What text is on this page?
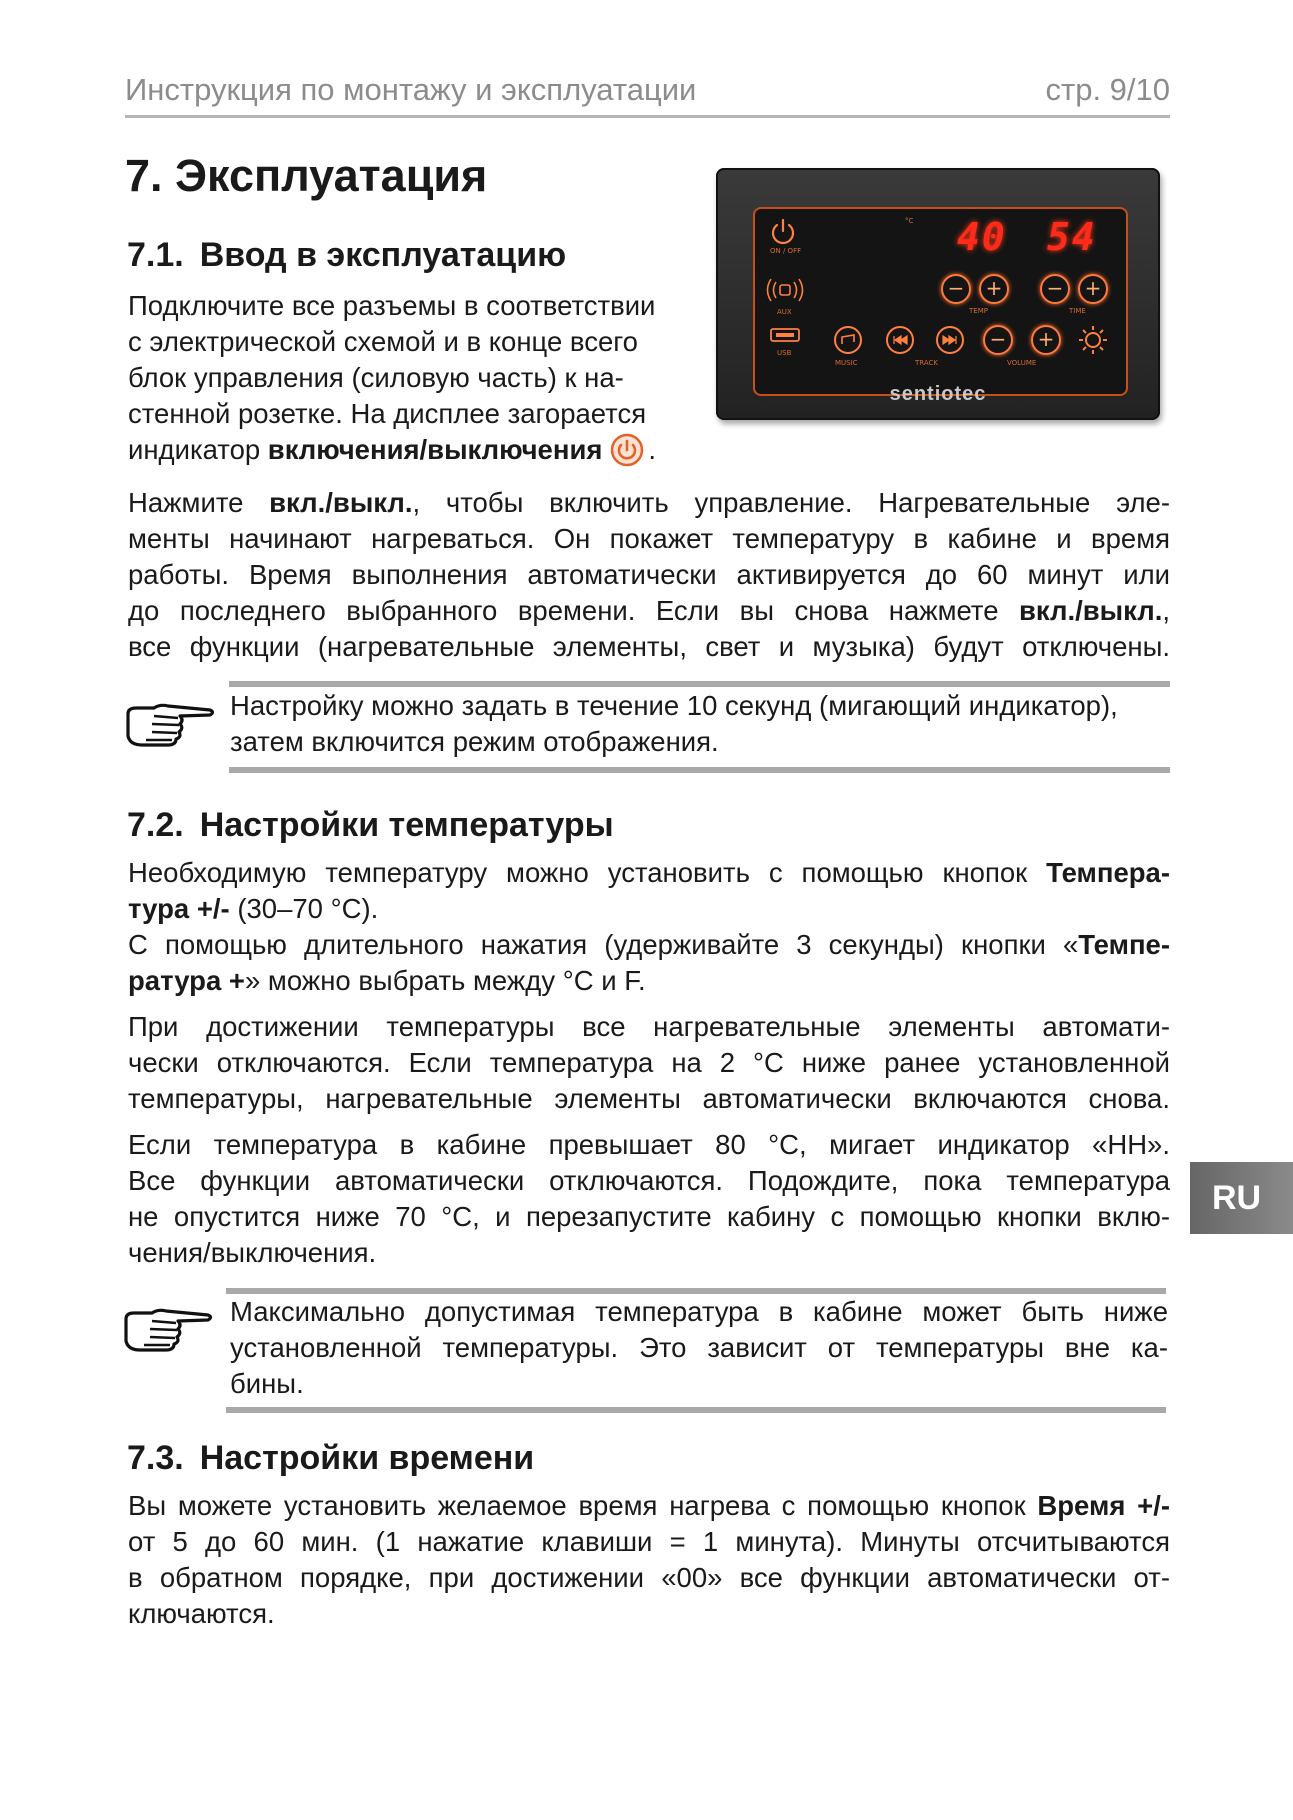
Инструкция по монтажу и эксплуатации	стр. 9/10
7. Эксплуатация
7.1. Ввод в эксплуатацию
Подключите все разъемы в соответствии
с электрической схемой и в конце всего
блок управления (силовую часть) к на-
стенной розетке. На дисплее загорается
индикатор включения/выключения .
ON / OFF
AUX
USB
°C 40 54
−	+
TEMP
−	+
TIME
MUSIC	TRACK
−	+
VOLUME
sentiotec
Нажмите вкл./выкл., чтобы включить управление. Нагревательные эле-
менты начинают нагреваться. Он покажет температуру в кабине и время
работы. Время выполнения автоматически активируется до 60 минут или
до последнего выбранного времени. Если вы снова нажмете вкл./выкл.,
все функции (нагревательные элементы, свет и музыка) будут отключены.
Настройку можно задать в течение 10 секунд (мигающий индикатор),
затем включится режим отображения.
7.2. Настройки температуры
Необходимую температуру можно установить с помощью кнопок Темпера-
тура +/- (30–70 °C).
С помощью длительного нажатия (удерживайте 3 секунды) кнопки «Темпе-
ратура +» можно выбрать между °C и F.
При достижении температуры все нагревательные элементы автомати-
чески отключаются. Если температура на 2 °C ниже ранее установленной
температуры, нагревательные элементы автоматически включаются снова.
Если температура в кабине превышает 80 °C, мигает индикатор «HH».
Все функции автоматически отключаются. Подождите, пока температура
не опустится ниже 70 °C, и перезапустите кабину с помощью кнопки вклю-
чения/выключения.
RU
Максимально допустимая температура в кабине может быть ниже
установленной температуры. Это зависит от температуры вне ка-
бины.
7.3. Настройки времени
Вы можете установить желаемое время нагрева с помощью кнопок Время +/-
от 5 до 60 мин. (1 нажатие клавиши = 1 минута). Минуты отсчитываются
в обратном порядке, при достижении «00» все функции автоматически от-
ключаются.
